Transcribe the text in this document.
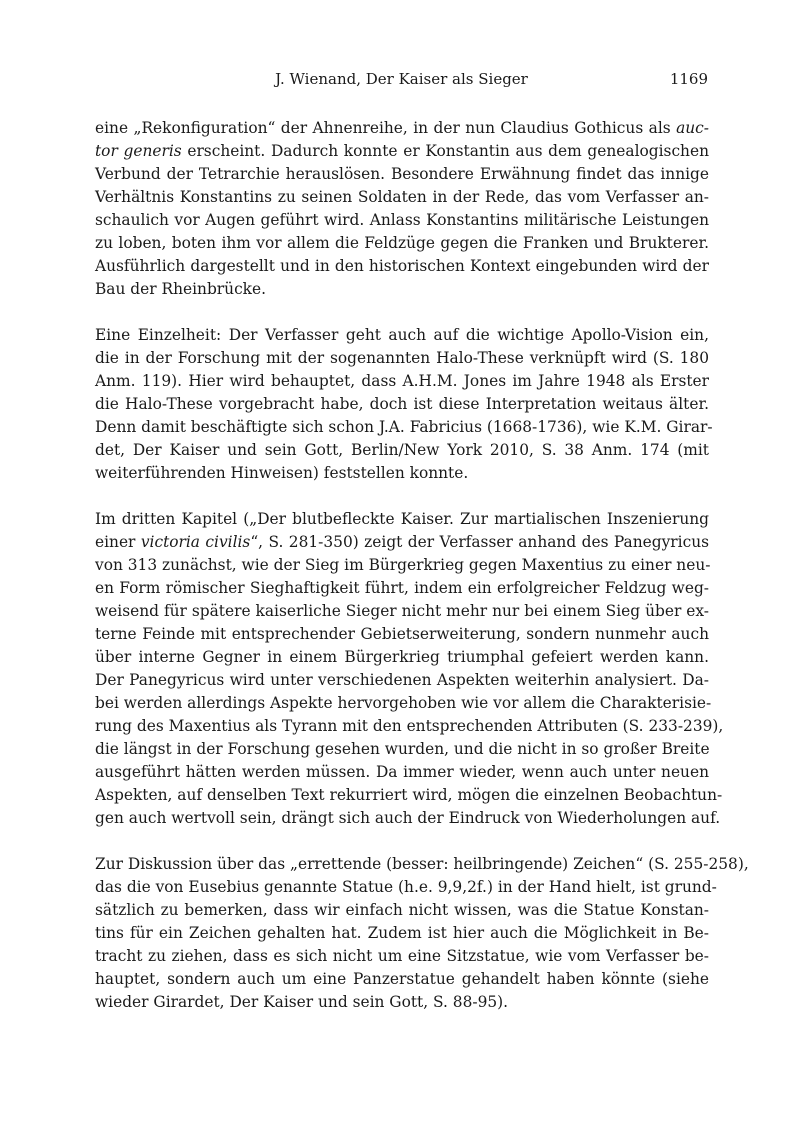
J. Wienand, Der Kaiser als Sieger	1169
eine „Rekonfiguration“ der Ahnenreihe, in der nun Claudius Gothicus als auc-
tor generis erscheint. Dadurch konnte er Konstantin aus dem genealogischen
Verbund der Tetrarchie herauslösen. Besondere Erwähnung findet das innige
Verhältnis Konstantins zu seinen Soldaten in der Rede, das vom Verfasser an-
schaulich vor Augen geführt wird. Anlass Konstantins militärische Leistungen
zu loben, boten ihm vor allem die Feldzüge gegen die Franken und Brukterer.
Ausführlich dargestellt und in den historischen Kontext eingebunden wird der
Bau der Rheinbrücke.
Eine Einzelheit: Der Verfasser geht auch auf die wichtige Apollo-Vision ein,
die in der Forschung mit der sogenannten Halo-These verknüpft wird (S. 180
Anm. 119). Hier wird behauptet, dass A.H.M. Jones im Jahre 1948 als Erster
die Halo-These vorgebracht habe, doch ist diese Interpretation weitaus älter.
Denn damit beschäftigte sich schon J.A. Fabricius (1668-1736), wie K.M. Girar-
det, Der Kaiser und sein Gott, Berlin/New York 2010, S. 38 Anm. 174 (mit
weiterführenden Hinweisen) feststellen konnte.
Im dritten Kapitel („Der blutbefleckte Kaiser. Zur martialischen Inszenierung
einer victoria civilis“, S. 281-350) zeigt der Verfasser anhand des Panegyricus
von 313 zunächst, wie der Sieg im Bürgerkrieg gegen Maxentius zu einer neu-
en Form römischer Sieghaftigkeit führt, indem ein erfolgreicher Feldzug weg-
weisend für spätere kaiserliche Sieger nicht mehr nur bei einem Sieg über ex-
terne Feinde mit entsprechender Gebietserweiterung, sondern nunmehr auch
über interne Gegner in einem Bürgerkrieg triumphal gefeiert werden kann.
Der Panegyricus wird unter verschiedenen Aspekten weiterhin analysiert. Da-
bei werden allerdings Aspekte hervorgehoben wie vor allem die Charakterisie-
rung des Maxentius als Tyrann mit den entsprechenden Attributen (S. 233-239),
die längst in der Forschung gesehen wurden, und die nicht in so großer Breite
ausgeführt hätten werden müssen. Da immer wieder, wenn auch unter neuen
Aspekten, auf denselben Text rekurriert wird, mögen die einzelnen Beobachtun-
gen auch wertvoll sein, drängt sich auch der Eindruck von Wiederholungen auf.
Zur Diskussion über das „errettende (besser: heilbringende) Zeichen“ (S. 255-258),
das die von Eusebius genannte Statue (h.e. 9,9,2f.) in der Hand hielt, ist grund-
sätzlich zu bemerken, dass wir einfach nicht wissen, was die Statue Konstan-
tins für ein Zeichen gehalten hat. Zudem ist hier auch die Möglichkeit in Be-
tracht zu ziehen, dass es sich nicht um eine Sitzstatue, wie vom Verfasser be-
hauptet, sondern auch um eine Panzerstatue gehandelt haben könnte (siehe
wieder Girardet, Der Kaiser und sein Gott, S. 88-95).
